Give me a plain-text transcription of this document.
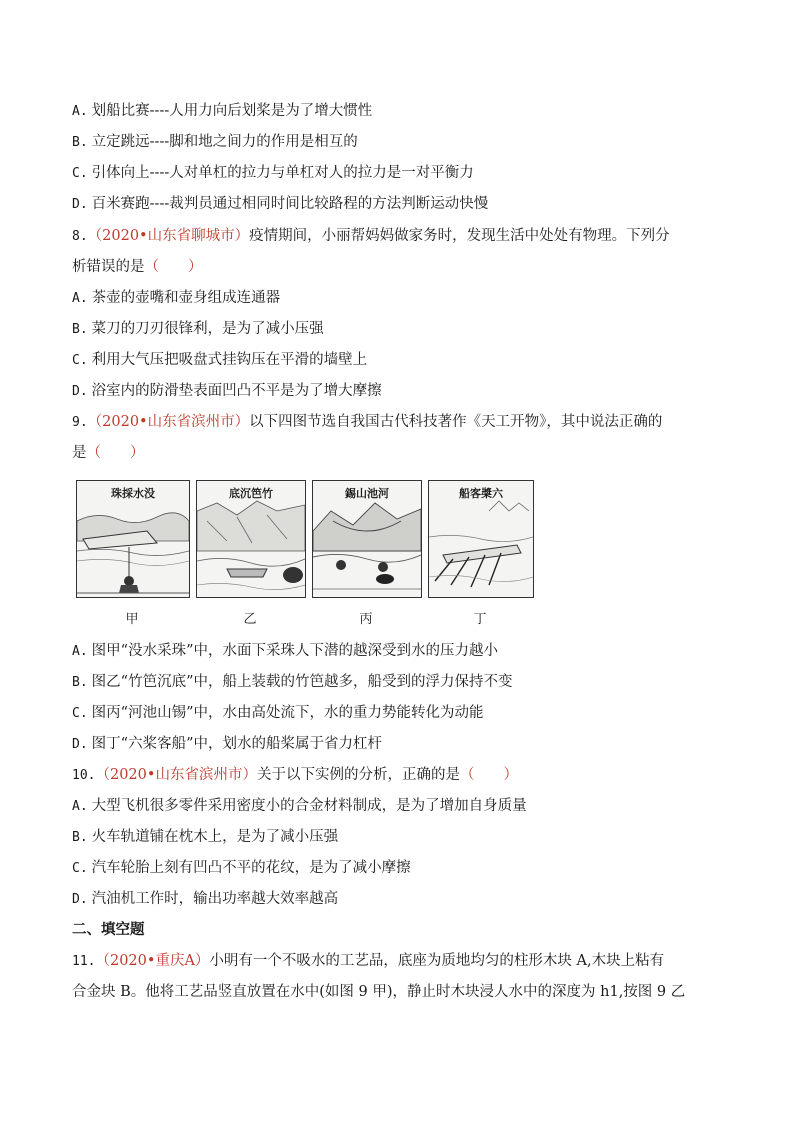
A. 划船比赛----人用力向后划桨是为了增大惯性
B. 立定跳远----脚和地之间力的作用是相互的
C. 引体向上----人对单杠的拉力与单杠对人的拉力是一对平衡力
D. 百米赛跑----裁判员通过相同时间比较路程的方法判断运动快慢
8.（2020•山东省聊城市）疫情期间，小丽帮妈妈做家务时，发现生活中处处有物理。下列分
析错误的是（　　）
A. 茶壶的壶嘴和壶身组成连通器
B. 菜刀的刀刃很锋利，是为了减小压强
C. 利用大气压把吸盘式挂钩压在平滑的墙壁上
D. 浴室内的防滑垫表面凹凸不平是为了增大摩擦
9.（2020•山东省滨州市）以下四图节选自我国古代科技著作《天工开物》，其中说法正确的
是（　　）
珠採水没	底沉笆竹	錫山池河	船客槳六
甲	乙	丙	丁
A. 图甲“没水采珠”中，水面下采珠人下潜的越深受到水的压力越小
B. 图乙“竹笆沉底”中，船上装载的竹笆越多，船受到的浮力保持不变
C. 图丙“河池山锡”中，水由高处流下，水的重力势能转化为动能
D. 图丁“六桨客船”中，划水的船桨属于省力杠杆
10.（2020•山东省滨州市）关于以下实例的分析，正确的是（　　）
A. 大型飞机很多零件采用密度小的合金材料制成，是为了增加自身质量
B. 火车轨道铺在枕木上，是为了减小压强
C. 汽车轮胎上刻有凹凸不平的花纹，是为了减小摩擦
D. 汽油机工作时，输出功率越大效率越高
二、填空题
11.（2020•重庆A）小明有一个不吸水的工艺品，底座为质地均匀的柱形木块 A,木块上粘有
合金块 B。他将工艺品竖直放置在水中(如图 9 甲)，静止时木块浸人水中的深度为 h1,按图 9 乙
